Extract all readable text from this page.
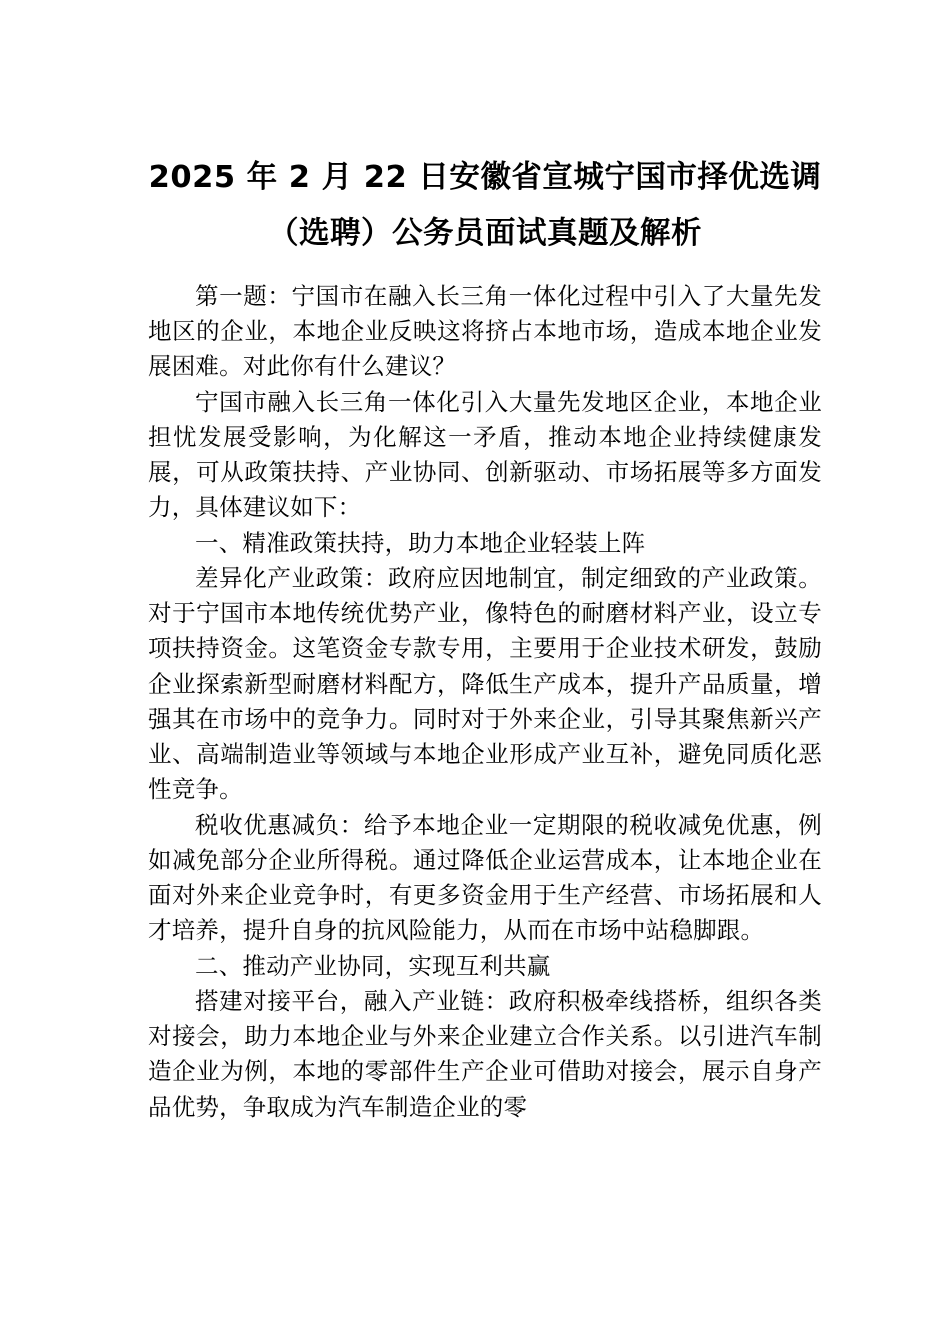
2025 年 2 月 22 日安徽省宣城宁国市择优选调（选聘）公务员面试真题及解析

第一题：宁国市在融入长三角一体化过程中引入了大量先发地区的企业，本地企业反映这将挤占本地市场，造成本地企业发展困难。对此你有什么建议？

宁国市融入长三角一体化引入大量先发地区企业，本地企业担忧发展受影响，为化解这一矛盾，推动本地企业持续健康发展，可从政策扶持、产业协同、创新驱动、市场拓展等多方面发力，具体建议如下：

一、精准政策扶持，助力本地企业轻装上阵

差异化产业政策：政府应因地制宜，制定细致的产业政策。对于宁国市本地传统优势产业，像特色的耐磨材料产业，设立专项扶持资金。这笔资金专款专用，主要用于企业技术研发，鼓励企业探索新型耐磨材料配方，降低生产成本，提升产品质量，增强其在市场中的竞争力。同时对于外来企业，引导其聚焦新兴产业、高端制造业等领域与本地企业形成产业互补，避免同质化恶性竞争。

税收优惠减负：给予本地企业一定期限的税收减免优惠，例如减免部分企业所得税。通过降低企业运营成本，让本地企业在面对外来企业竞争时，有更多资金用于生产经营、市场拓展和人才培养，提升自身的抗风险能力，从而在市场中站稳脚跟。

二、推动产业协同，实现互利共赢

搭建对接平台，融入产业链：政府积极牵线搭桥，组织各类对接会，助力本地企业与外来企业建立合作关系。以引进汽车制造企业为例，本地的零部件生产企业可借助对接会，展示自身产品优势，争取成为汽车制造企业的零
